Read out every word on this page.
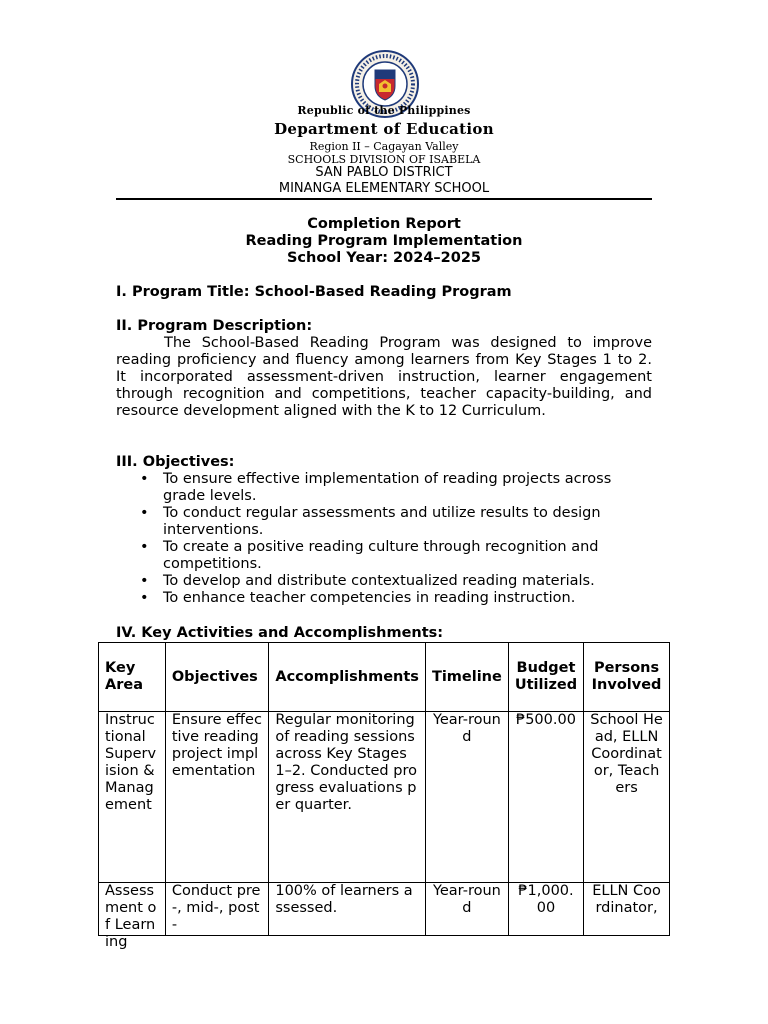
Republic of the Philippines
Department of Education
Region II – Cagayan Valley
SCHOOLS DIVISION OF ISABELA
SAN PABLO DISTRICT
MINANGA ELEMENTARY SCHOOL
Completion Report
Reading Program Implementation
School Year: 2024–2025
I. Program Title: School-Based Reading Program
II. Program Description:
The School-Based Reading Program was designed to improve reading proficiency and fluency among learners from Key Stages 1 to 2. It incorporated assessment-driven instruction, learner engagement through recognition and competitions, teacher capacity-building, and resource development aligned with the K to 12 Curriculum.
III. Objectives:
• To ensure effective implementation of reading projects across grade levels.
• To conduct regular assessments and utilize results to design interventions.
• To create a positive reading culture through recognition and competitions.
• To develop and distribute contextualized reading materials.
• To enhance teacher competencies in reading instruction.
IV. Key Activities and Accomplishments:
Key Area	Objectives	Accomplishments	Timeline	Budget Utilized	Persons Involved
Instructional Supervision & Management	Ensure effective reading project implementation	Regular monitoring of reading sessions across Key Stages 1–2. Conducted progress evaluations per quarter.	Year-round	₱500.00	School Head, ELLN Coordinator, Teachers

Assessment of Learning	Conduct pre-, mid-, post-	100% of learners assessed.	Year-round	₱1,000.00	ELLN Coordinator,
